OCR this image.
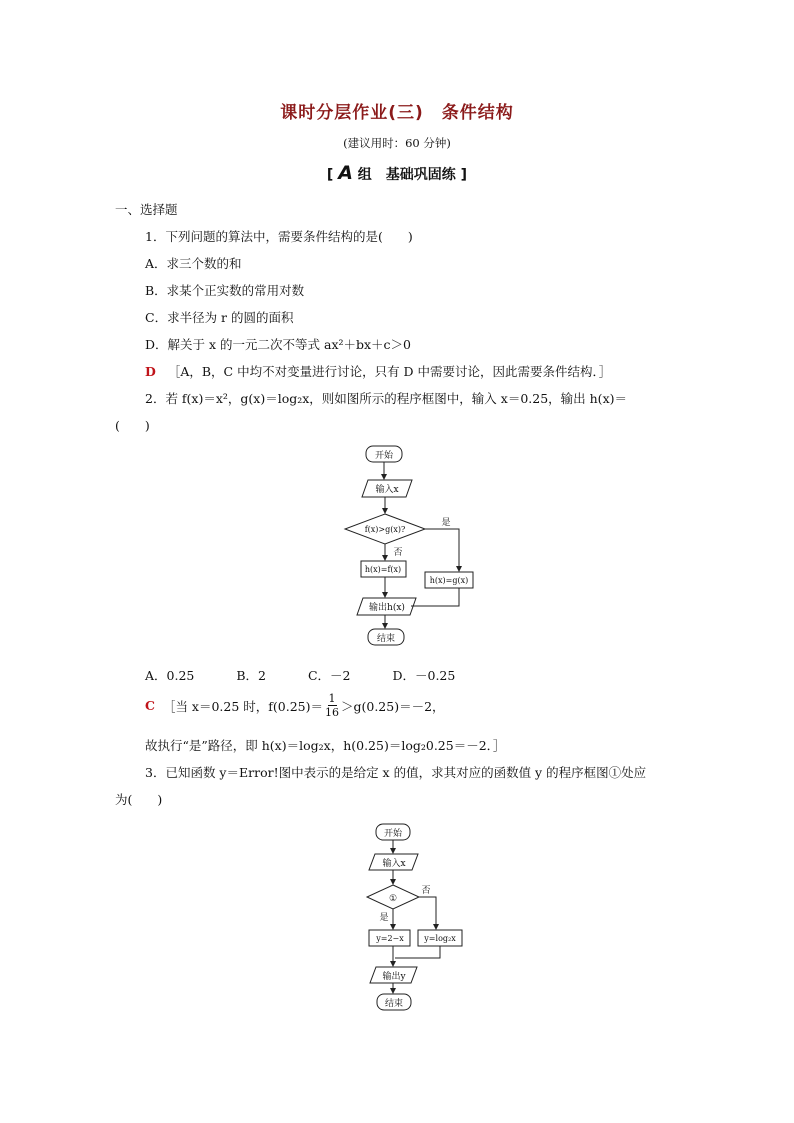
课时分层作业(三)　条件结构
(建议用时：60 分钟)
[ A 组　基础巩固练 ]
一、选择题
1．下列问题的算法中，需要条件结构的是(　　)
A．求三个数的和
B．求某个正实数的常用对数
C．求半径为 r 的圆的面积
D．解关于 x 的一元二次不等式 ax²＋bx＋c＞0
D ［A，B，C 中均不对变量进行讨论，只有 D 中需要讨论，因此需要条件结构．］
2．若 f(x)＝x²，g(x)＝log₂x，则如图所示的程序框图中，输入 x＝0.25，输出 h(x)＝
(　　)
开始
输入x
f(x)>g(x)?
是
否
h(x)=f(x)
h(x)=g(x)
输出h(x)
结束
A．0.25	B．2	C．－2	D．－0.25
C ［当 x＝0.25 时，$f(0.25)= \frac{1}{16} >g(0.25)=-2$，
故执行“是”路径，即 h(x)＝log₂x，h(0.25)＝log₂0.25＝－2．］
3．已知函数 y＝Error!图中表示的是给定 x 的值，求其对应的函数值 y 的程序框图①处应
为(　　)
开始
输入x
①
否
是
y=2−x	y=log₂x
输出y
结束
